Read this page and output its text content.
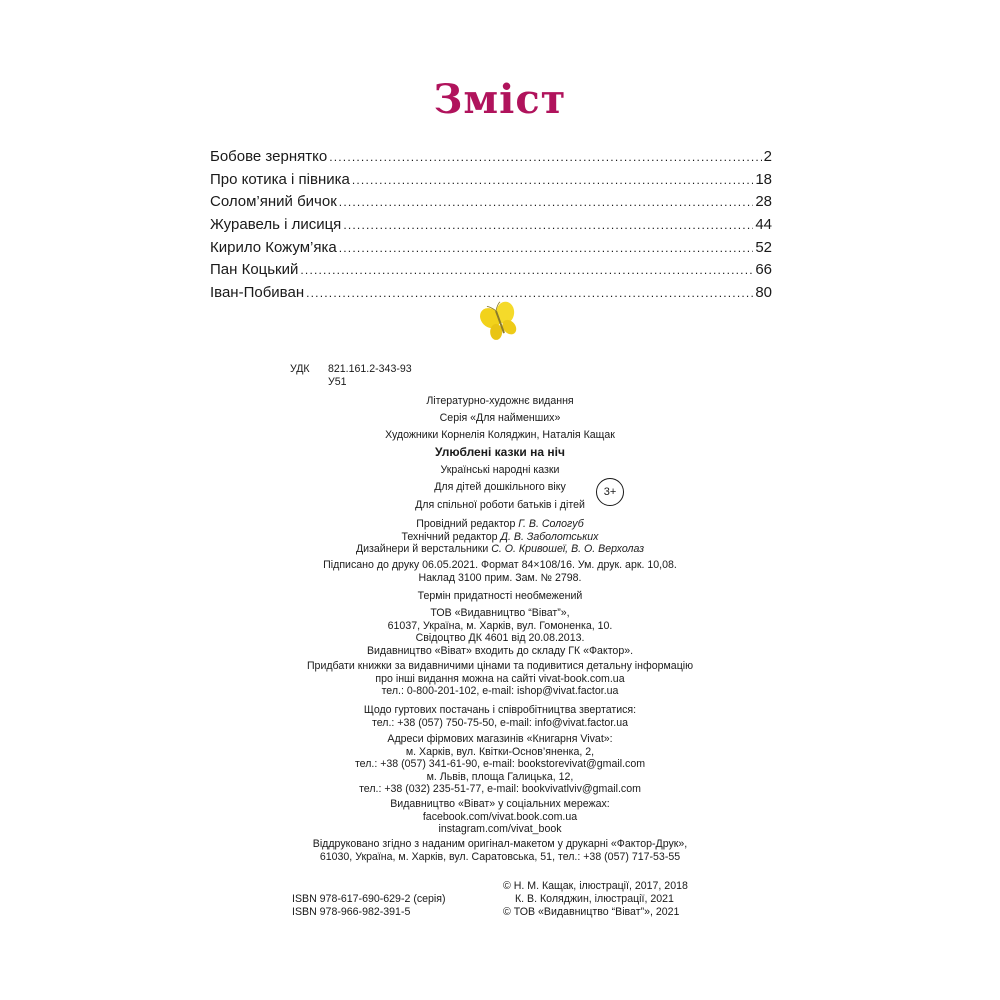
Зміст
Бобове зернятко .....	2
Про котика і півника .....	18
Солом’яний бичок .....	28
Журавель і лисиця .....	44
Кирило Кожум’яка .....	52
Пан Коцький .....	66
Іван-Побиван .....	80
УДК 821.161.2-343-93
У51
Літературно-художнє видання
Серія «Для найменших»
Художники Корнелія Коляджин, Наталія Кащак
Улюблені казки на ніч
Українські народні казки
Для дітей дошкільного віку
Для спільної роботи батьків і дітей
3+
Провідний редактор Г. В. Сологуб
Технічний редактор Д. В. Заболотських
Дизайнери й верстальники С. О. Кривошеї, В. О. Верхолаз
Підписано до друку 06.05.2021. Формат 84×108/16. Ум. друк. арк. 10,08.
Наклад 3100 прим. Зам. № 2798.
Термін придатності необмежений
ТОВ «Видавництво “Віват”»,
61037, Україна, м. Харків, вул. Гомоненка, 10.
Свідоцтво ДК 4601 від 20.08.2013.
Видавництво «Віват» входить до складу ГК «Фактор».
Придбати книжки за видавничими цінами та подивитися детальну інформацію
про інші видання можна на сайті vivat-book.com.ua
тел.: 0-800-201-102, e-mail: ishop@vivat.factor.ua
Щодо гуртових постачань і співробітництва звертатися:
тел.: +38 (057) 750-75-50, e-mail: info@vivat.factor.ua
Адреси фірмових магазинів «Книгарня Vivat»:
м. Харків, вул. Квітки-Основ’яненка, 2,
тел.: +38 (057) 341-61-90, e-mail: bookstorevivat@gmail.com
м. Львів, площа Галицька, 12,
тел.: +38 (032) 235-51-77, e-mail: bookvivatlviv@gmail.com
Видавництво «Віват» у соціальних мережах:
facebook.com/vivat.book.com.ua
instagram.com/vivat_book
Віддруковано згідно з наданим оригінал-макетом у друкарні «Фактор-Друк»,
61030, Україна, м. Харків, вул. Саратовська, 51, тел.: +38 (057) 717-53-55
ISBN 978-617-690-629-2 (серія)
ISBN 978-966-982-391-5
© Н. М. Кащак, ілюстрації, 2017, 2018
К. В. Коляджин, ілюстрації, 2021
© ТОВ «Видавництво “Віват”», 2021
